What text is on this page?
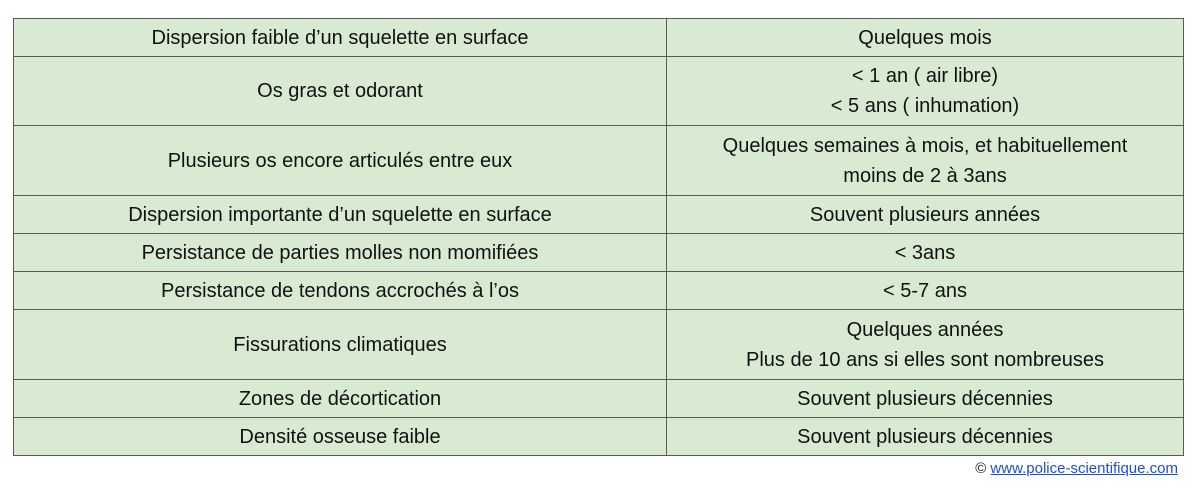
Dispersion faible d’un squelette en surface	Quelques mois

Os gras et odorant	< 1 an ( air libre)
< 5 ans ( inhumation)

Plusieurs os encore articulés entre eux	Quelques semaines à mois, et habituellement
moins de 2 à 3ans

Dispersion importante d’un squelette en surface	Souvent plusieurs années

Persistance de parties molles non momifiées	< 3ans

Persistance de tendons accrochés à l’os	< 5-7 ans

Fissurations climatiques	Quelques années
Plus de 10 ans si elles sont nombreuses

Zones de décortication	Souvent plusieurs décennies

Densité osseuse faible	Souvent plusieurs décennies
© www.police-scientifique.com
